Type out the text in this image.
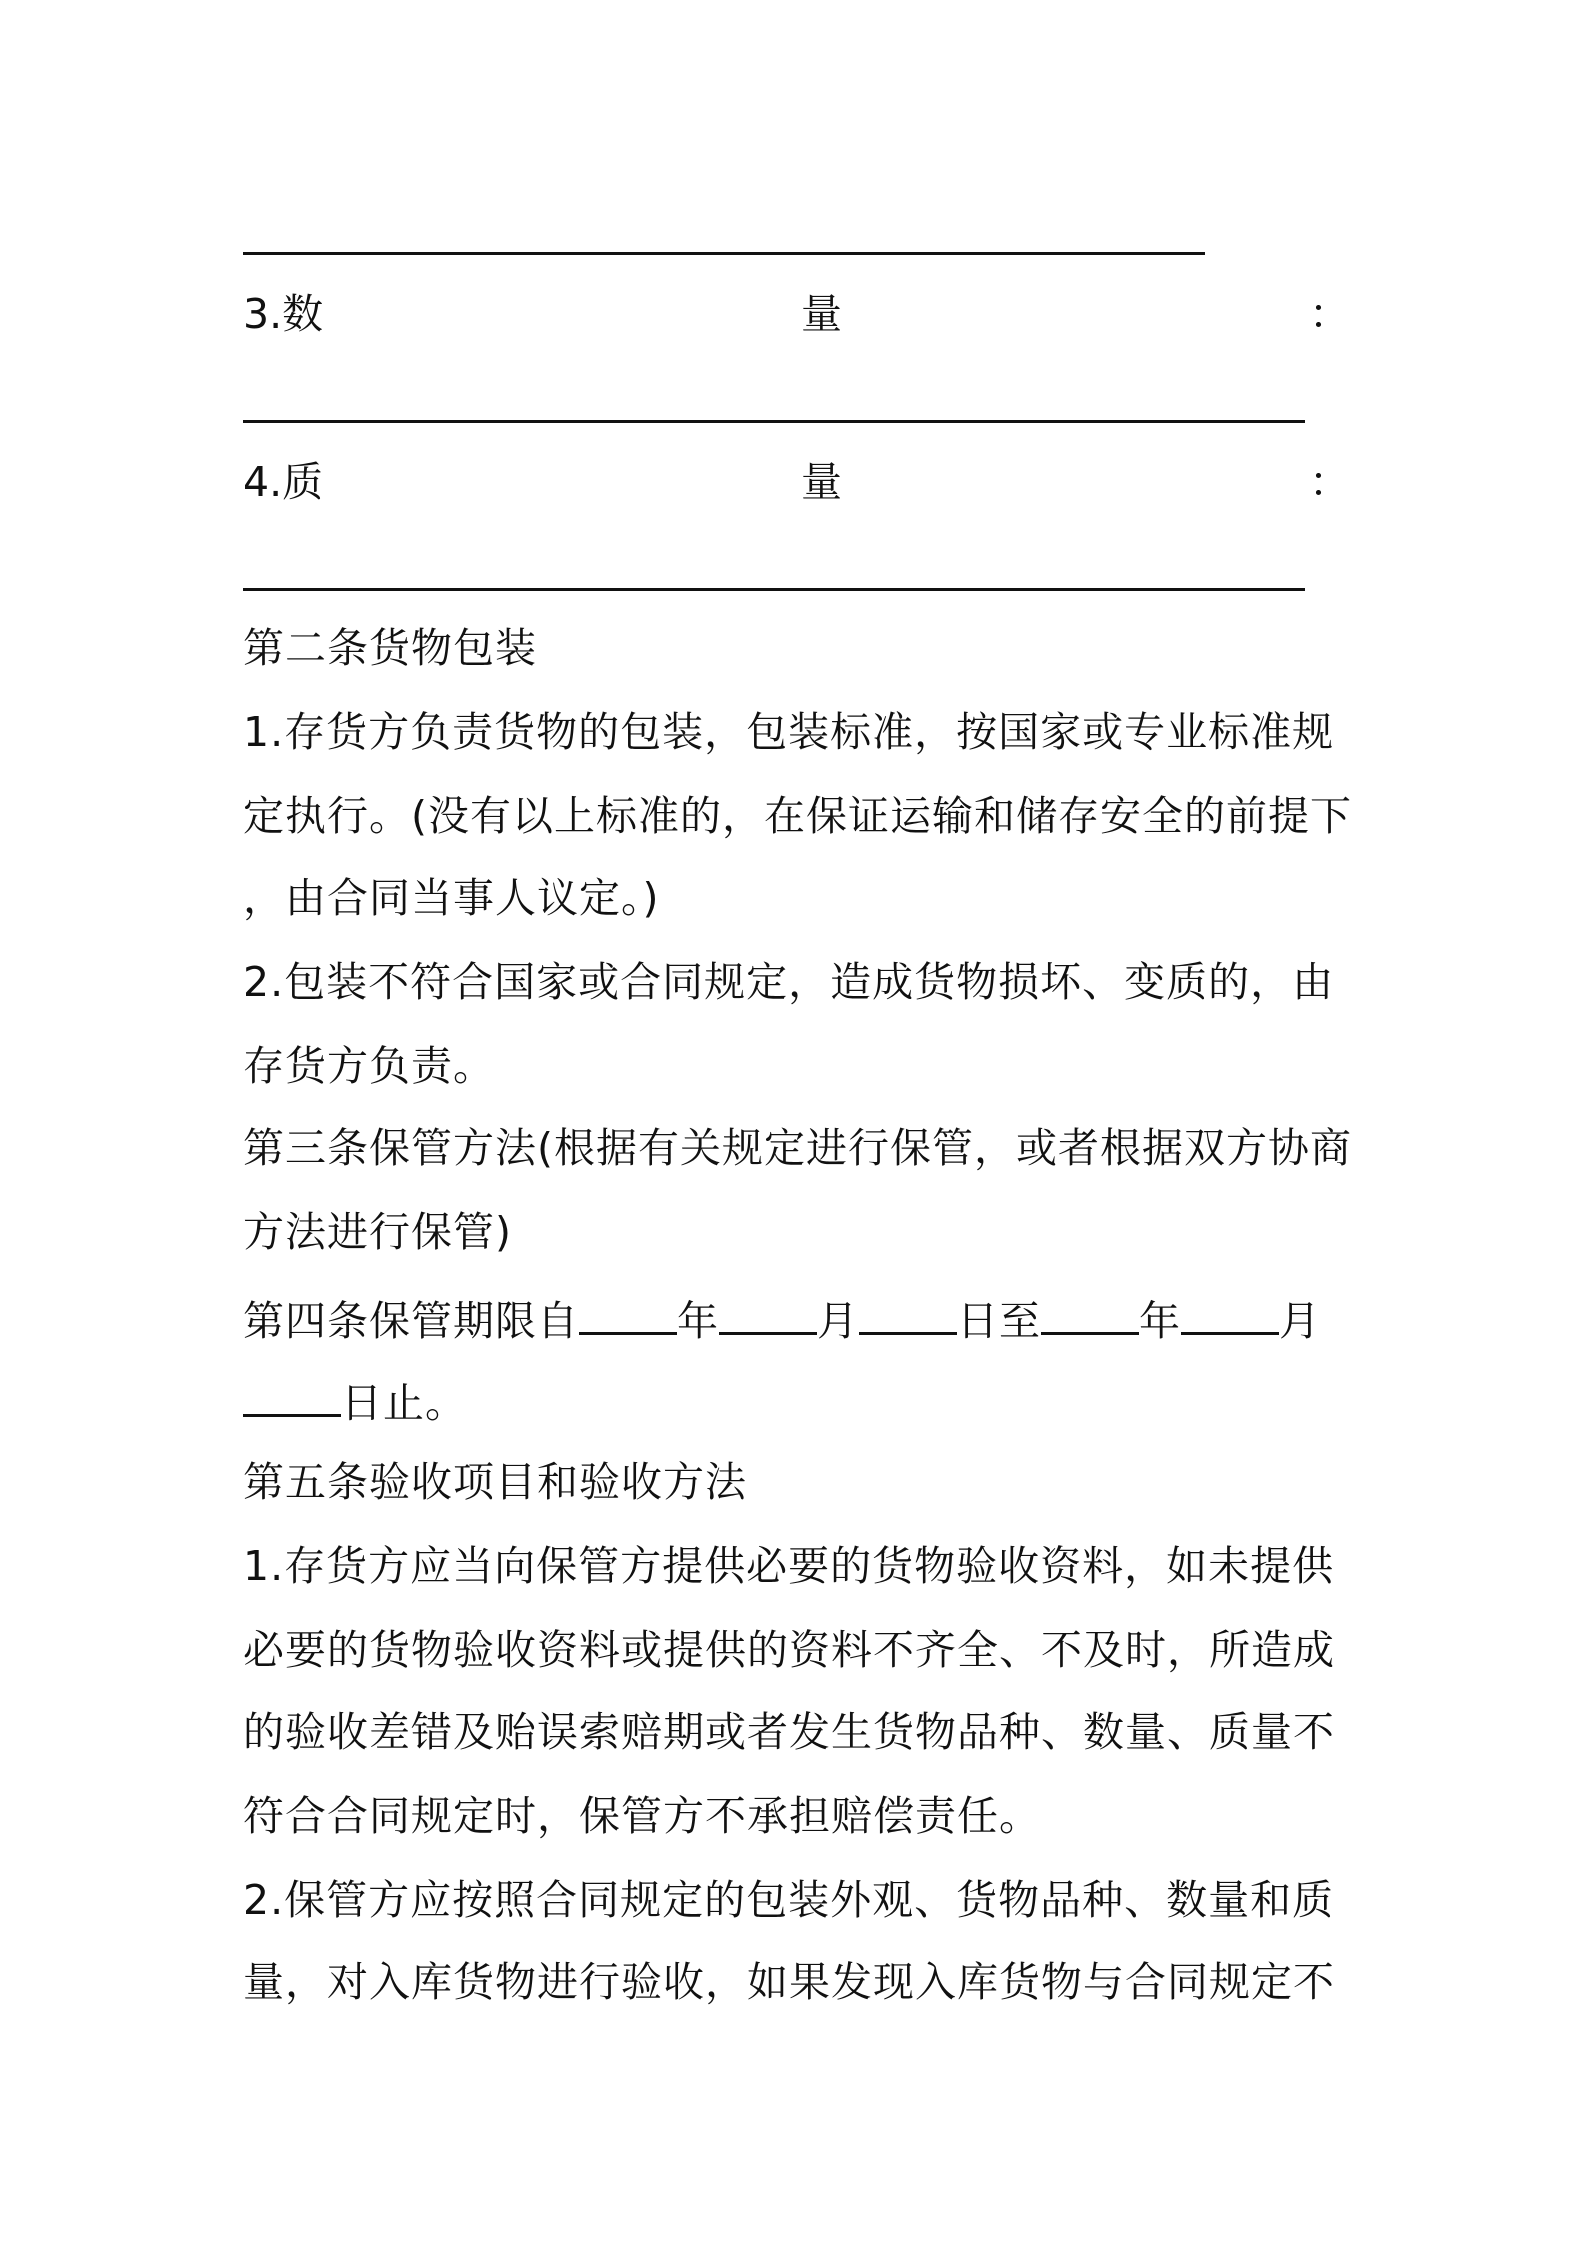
3.数	量	：
4.质	量	：
第二条货物包装
1.存货方负责货物的包装，包装标准，按国家或专业标准规
定执行。(没有以上标准的，在保证运输和储存安全的前提下
，由合同当事人议定。)
2.包装不符合国家或合同规定，造成货物损坏、变质的，由
存货方负责。
第三条保管方法(根据有关规定进行保管，或者根据双方协商
方法进行保管)
第四条保管期限自 年 月 日至 年 月
日止。
第五条验收项目和验收方法
1.存货方应当向保管方提供必要的货物验收资料，如未提供
必要的货物验收资料或提供的资料不齐全、不及时，所造成
的验收差错及贻误索赔期或者发生货物品种、数量、质量不
符合合同规定时，保管方不承担赔偿责任。
2.保管方应按照合同规定的包装外观、货物品种、数量和质
量，对入库货物进行验收，如果发现入库货物与合同规定不
